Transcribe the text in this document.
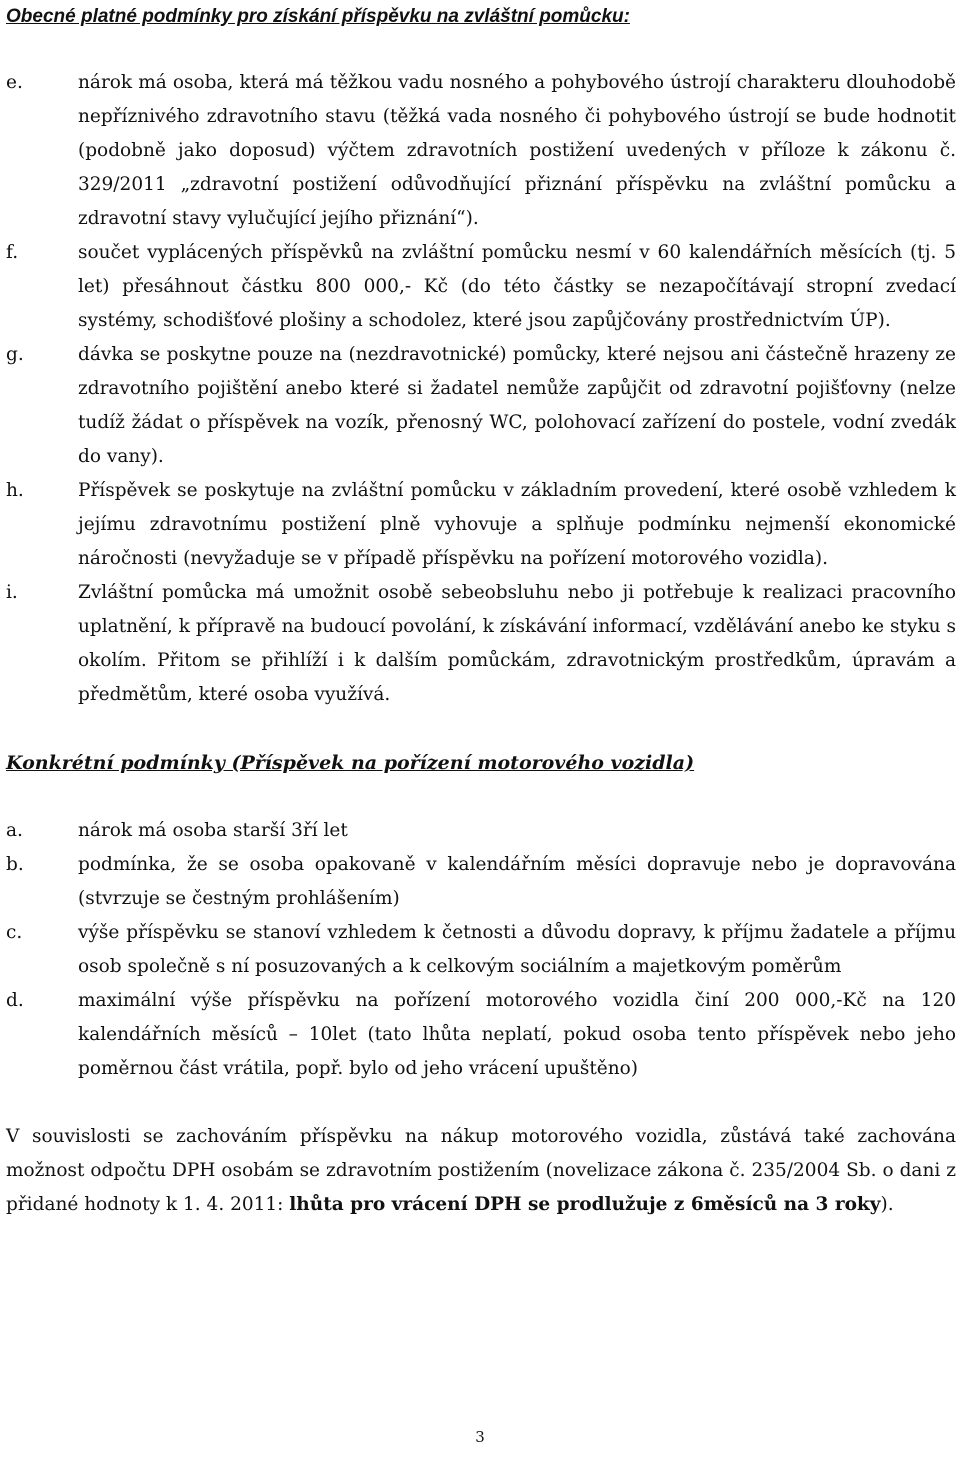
Obecné platné podmínky pro získání příspěvku na zvláštní pomůcku:
e.	nárok má osoba, která má těžkou vadu nosného a pohybového ústrojí charakteru dlouhodobě nepříznivého zdravotního stavu (těžká vada nosného či pohybového ústrojí se bude hodnotit (podobně jako doposud) výčtem zdravotních postižení uvedených v příloze k zákonu č. 329/2011 „zdravotní postižení odůvodňující přiznání příspěvku na zvláštní pomůcku a zdravotní stavy vylučující jejího přiznání“).
f.	součet vyplácených příspěvků na zvláštní pomůcku nesmí v 60 kalendářních měsících (tj. 5 let) přesáhnout částku 800 000,- Kč (do této částky se nezapočítávají stropní zvedací systémy, schodišťové plošiny a schodolez, které jsou zapůjčovány prostřednictvím ÚP).
g.	dávka se poskytne pouze na (nezdravotnické) pomůcky, které nejsou ani částečně hrazeny ze zdravotního pojištění anebo které si žadatel nemůže zapůjčit od zdravotní pojišťovny (nelze tudíž žádat o příspěvek na vozík, přenosný WC, polohovací zařízení do postele, vodní zvedák do vany).
h.	Příspěvek se poskytuje na zvláštní pomůcku v základním provedení, které osobě vzhledem k jejímu zdravotnímu postižení plně vyhovuje a splňuje podmínku nejmenší ekonomické náročnosti (nevyžaduje se v případě příspěvku na pořízení motorového vozidla).
i.	Zvláštní pomůcka má umožnit osobě sebeobsluhu nebo ji potřebuje k realizaci pracovního uplatnění, k přípravě na budoucí povolání, k získávání informací, vzdělávání anebo ke styku s okolím. Přitom se přihlíží i k dalším pomůckám, zdravotnickým prostředkům, úpravám a předmětům, které osoba využívá.
Konkrétní podmínky (Příspěvek na pořízení motorového vozidla)
a.	nárok má osoba starší 3ří let
b.	podmínka, že se osoba opakovaně v kalendářním měsíci dopravuje nebo je dopravována (stvrzuje se čestným prohlášením)
c.	výše příspěvku se stanoví vzhledem k četnosti a důvodu dopravy, k příjmu žadatele a příjmu osob společně s ní posuzovaných a k celkovým sociálním a majetkovým poměrům
d.	maximální výše příspěvku na pořízení motorového vozidla činí 200 000,-Kč na 120 kalendářních měsíců – 10let (tato lhůta neplatí, pokud osoba tento příspěvek nebo jeho poměrnou část vrátila, popř. bylo od jeho vrácení upuštěno)

V souvislosti se zachováním příspěvku na nákup motorového vozidla, zůstává také zachována možnost odpočtu DPH osobám se zdravotním postižením (novelizace zákona č. 235/2004 Sb. o dani z přidané hodnoty k 1. 4. 2011: lhůta pro vrácení DPH se prodlužuje z 6měsíců na 3 roky).

3
